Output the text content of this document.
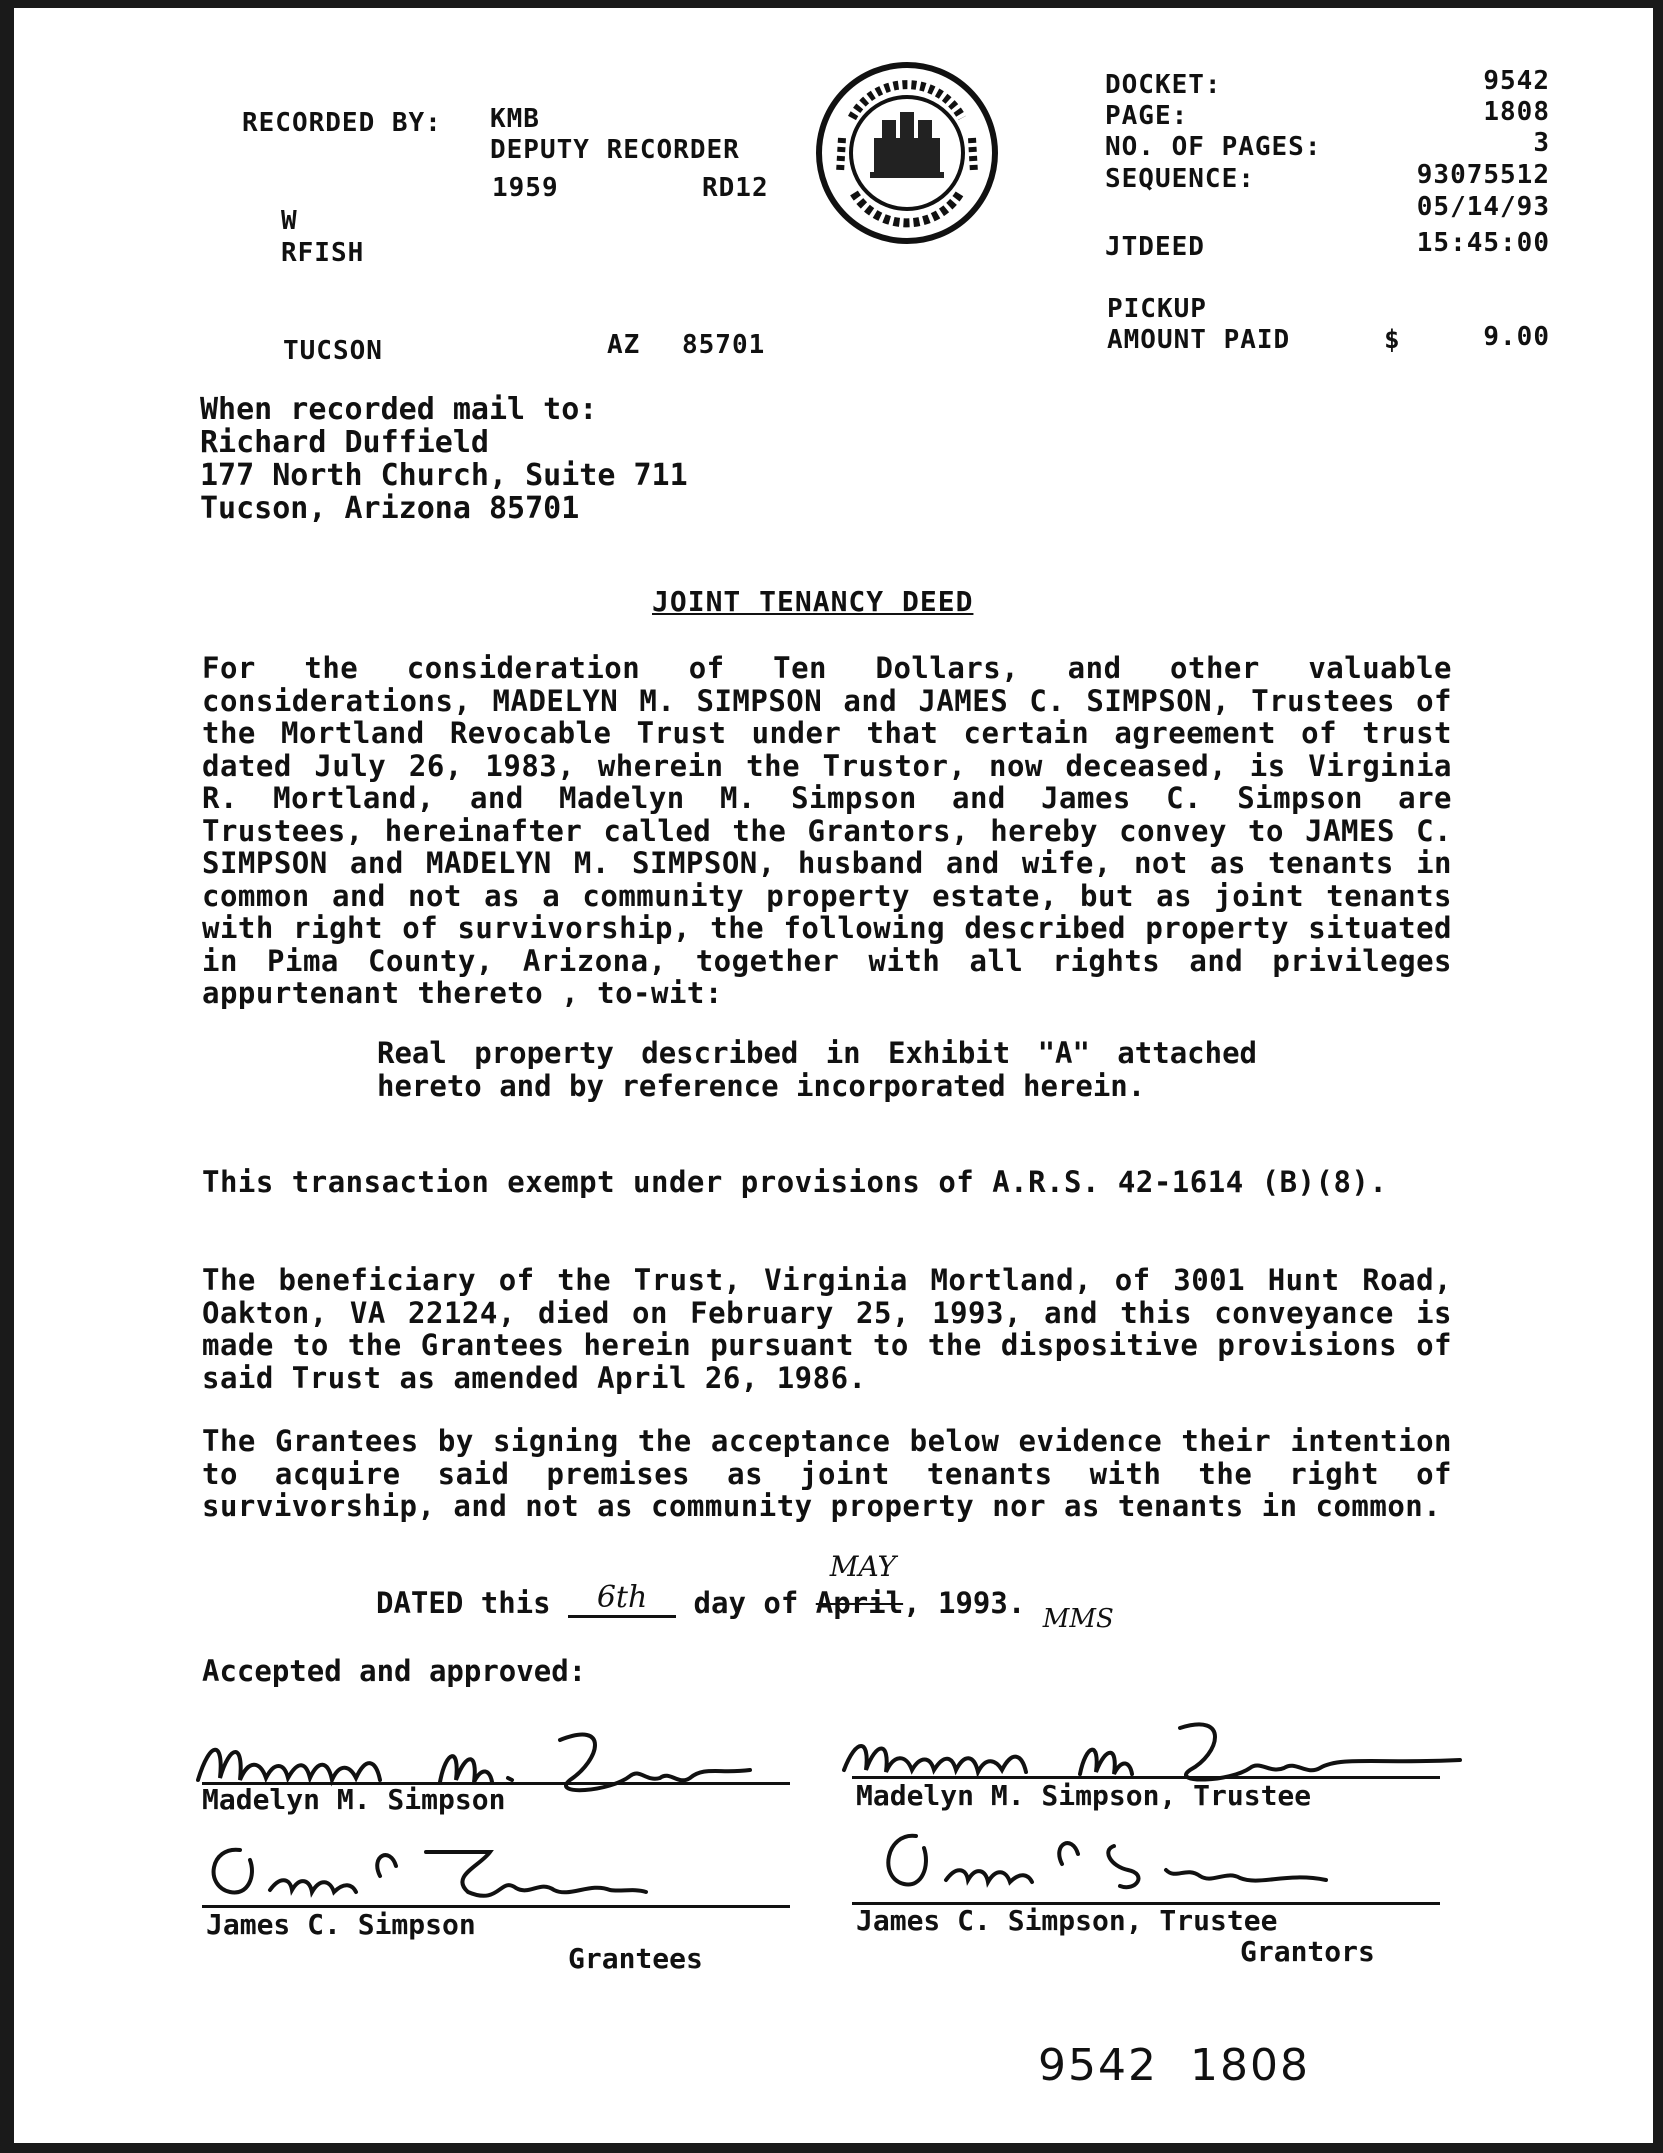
RECORDED BY: KMB
DEPUTY RECORDER
1959	RD12
W
RFISH
TUCSON	AZ 85701
DOCKET:	9542
PAGE:	1808
NO. OF PAGES:	3
SEQUENCE:	93075512
05/14/93
JTDEED	15:45:00
PICKUP
AMOUNT PAID	$	9.00
When recorded mail to:
Richard Duffield
177 North Church, Suite 711
Tucson, Arizona 85701
JOINT TENANCY DEED
For the consideration of Ten Dollars, and other valuable considerations, MADELYN M. SIMPSON and JAMES C. SIMPSON, Trustees of the Mortland Revocable Trust under that certain agreement of trust dated July 26, 1983, wherein the Trustor, now deceased, is Virginia R. Mortland, and Madelyn M. Simpson and James C. Simpson are Trustees, hereinafter called the Grantors, hereby convey to JAMES C. SIMPSON and MADELYN M. SIMPSON, husband and wife, not as tenants in common and not as a community property estate, but as joint tenants with right of survivorship, the following described property situated in Pima County, Arizona, together with all rights and privileges appurtenant thereto , to-wit:
Real property described in Exhibit "A" attached hereto and by reference incorporated herein.
This transaction exempt under provisions of A.R.S. 42-1614 (B)(8).
The beneficiary of the Trust, Virginia Mortland, of 3001 Hunt Road, Oakton, VA 22124, died on February 25, 1993, and this conveyance is made to the Grantees herein pursuant to the dispositive provisions of said Trust as amended April 26, 1986.
The Grantees by signing the acceptance below evidence their intention to acquire said premises as joint tenants with the right of survivorship, and not as community property nor as tenants in common.
DATED this 6th day of April
MAY
, 1993. MMS
Accepted and approved:
Madelyn M. Simpson	Madelyn M. Simpson, Trustee
James C. Simpson
Grantees
James C. Simpson, Trustee
Grantors
9542 1808
